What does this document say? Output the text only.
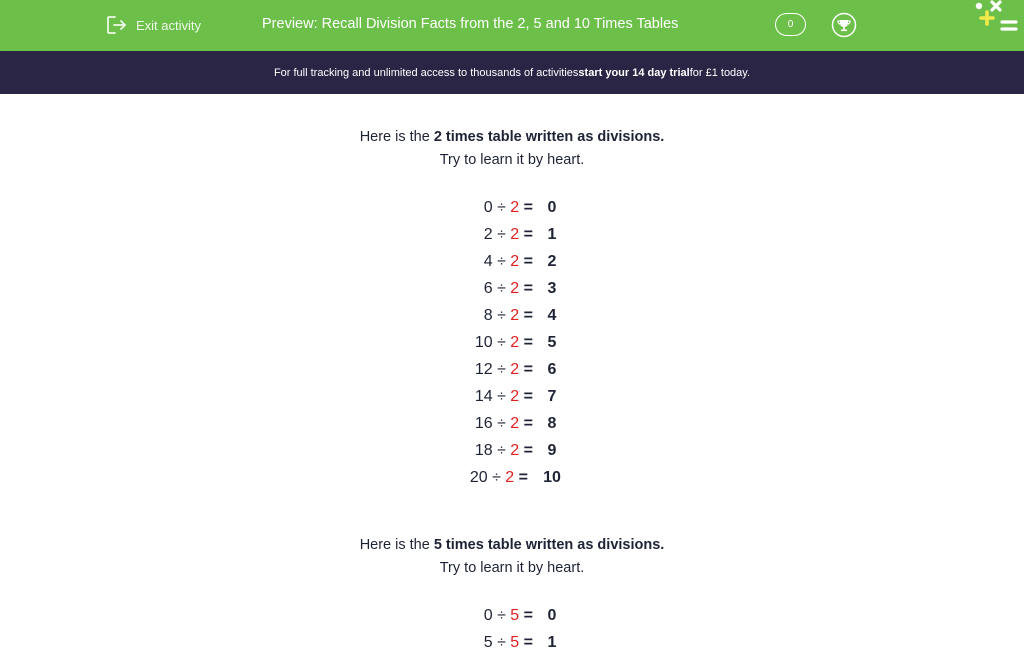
Exit activity	Preview: Recall Division Facts from the 2, 5 and 10 Times Tables	0
For full tracking and unlimited access to thousands of activities start your 14 day trial for £1 today.
Here is the 2 times table written as divisions.
Try to learn it by heart.
0 ÷ 2 = 0
2 ÷ 2 = 1
4 ÷ 2 = 2
6 ÷ 2 = 3
8 ÷ 2 = 4
10 ÷ 2 = 5
12 ÷ 2 = 6
14 ÷ 2 = 7
16 ÷ 2 = 8
18 ÷ 2 = 9
20 ÷ 2 = 10
Here is the 5 times table written as divisions.
Try to learn it by heart.
0 ÷ 5 = 0
5 ÷ 5 = 1
